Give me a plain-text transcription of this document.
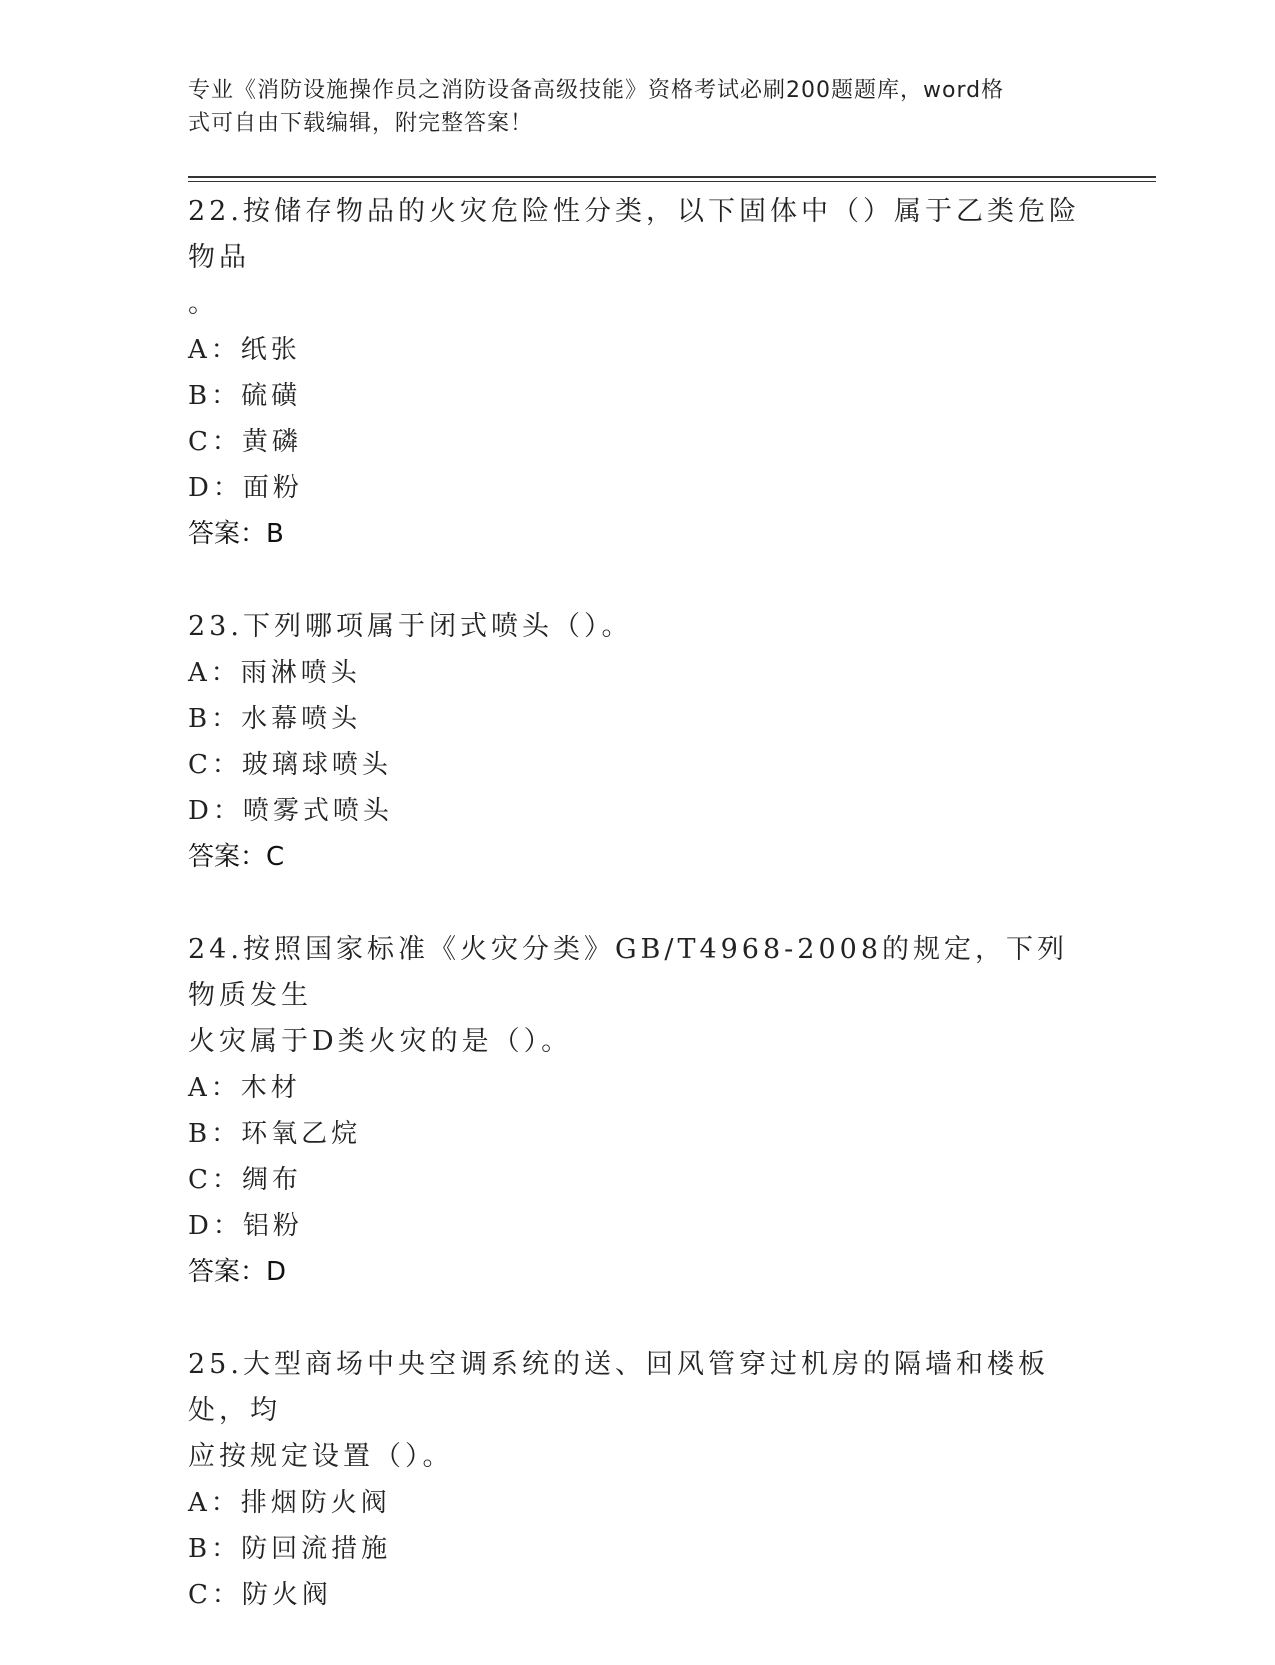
专业《消防设施操作员之消防设备高级技能》资格考试必刷200题题库，word格
式可自由下载编辑，附完整答案！
22.按储存物品的火灾危险性分类，以下固体中（）属于乙类危险物品
。
A：纸张
B：硫磺
C：黄磷
D：面粉
答案：B
23.下列哪项属于闭式喷头（）。
A：雨淋喷头
B：水幕喷头
C：玻璃球喷头
D：喷雾式喷头
答案：C
24.按照国家标准《火灾分类》GB/T4968-2008的规定，下列物质发生
火灾属于D类火灾的是（）。
A：木材
B：环氧乙烷
C：绸布
D：铝粉
答案：D
25.大型商场中央空调系统的送、回风管穿过机房的隔墙和楼板处，均
应按规定设置（）。
A：排烟防火阀
B：防回流措施
C：防火阀
